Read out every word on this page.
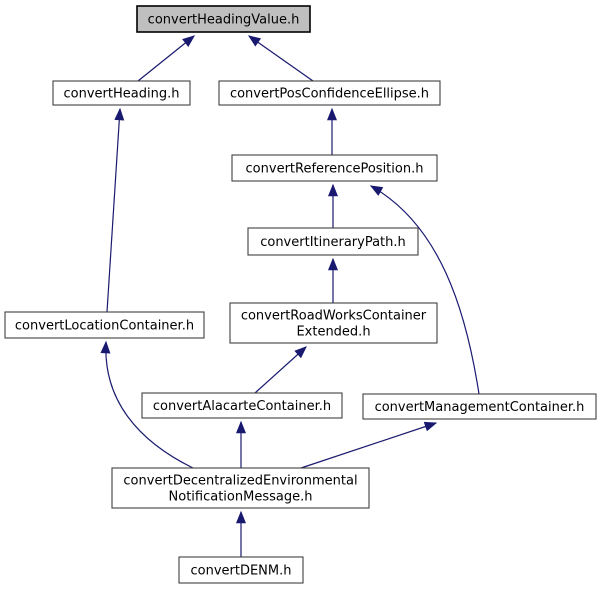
convertHeadingValue.h
convertHeading.h	convertPosConfidenceEllipse.h
convertReferencePosition.h
convertItineraryPath.h
convertLocationContainer.h
convertRoadWorksContainer
Extended.h
convertAlacarteContainer.h	convertManagementContainer.h
convertDecentralizedEnvironmental
NotificationMessage.h
convertDENM.h
